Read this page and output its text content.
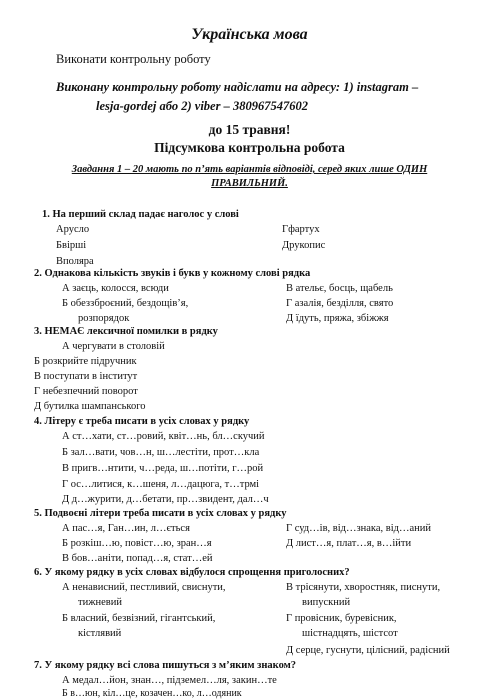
Українська мова
Виконати контрольну роботу
Виконану контрольну роботу надіслати на адресу: 1) instagram –
lesja-gordej або 2) viber – 380967547602
до 15 травня!
Підсумкова контрольна робота
Завдання 1 – 20 мають по п’ять варіантів відповіді, серед яких лише ОДИН
ПРАВИЛЬНИЙ.
1. На перший склад падає наголос у слові
Арусло
Бвірші
Вполяра
Гфартух
Друкопис
2. Однакова кількість звуків і букв у кожному слові рядка
А заєць, колосся, всюди
Б обеззброєний, бездощів’я,
розпорядок
В ательє, босць, щабель
Г азалія, безділля, свято
Д їдуть, пряжа, збіжжя
3. НЕМАЄ лексичної помилки в рядку
А чергувати в столовій
Б розкрийте підручник
В поступати в інститут
Г небезпечний поворот
Д бутилка шампанського
4. Літеру є треба писати в усіх словах у рядку
А ст…хати, ст…ровий, квіт…нь, бл…скучий
Б зал…вати, чов…н, ш…лестіти, прот…кла
В пригв…нтити, ч…реда, ш…потіти, г…рой
Г ос…литися, к…шеня, л…дацюга, т…трмі
Д д…журити, д…бетати, пр…звидент, дал…ч
5. Подвоєні літери треба писати в усіх словах у рядку
А пас…я, Ган…ин, л…ється
Б розкіш…ю, повіст…ю, зран…я
В бов…аніти, попад…я, стат…ей
Г суд…ів, від…знака, від…аний
Д лист…я, плат…я, в…ійти
6. У якому рядку в усіх словах відбулося спрощення приголосних?
А ненависний, пестливий, свиснути,
тижневий
Б власний, безвізний, гігантський,
кістлявий
В трісянути, хворостняк, писнути,
випускний
Г провісник, буревісник,
шістнадцять, шістсот
Д серце, гуснути, цілісний, радісний
7. У якому рядку всі слова пишуться з м’яким знаком?
А медал…йон, знан…, підземел…ля, закин…те
Б в…юн, кіл…це, козачен…ко, л…одяник
